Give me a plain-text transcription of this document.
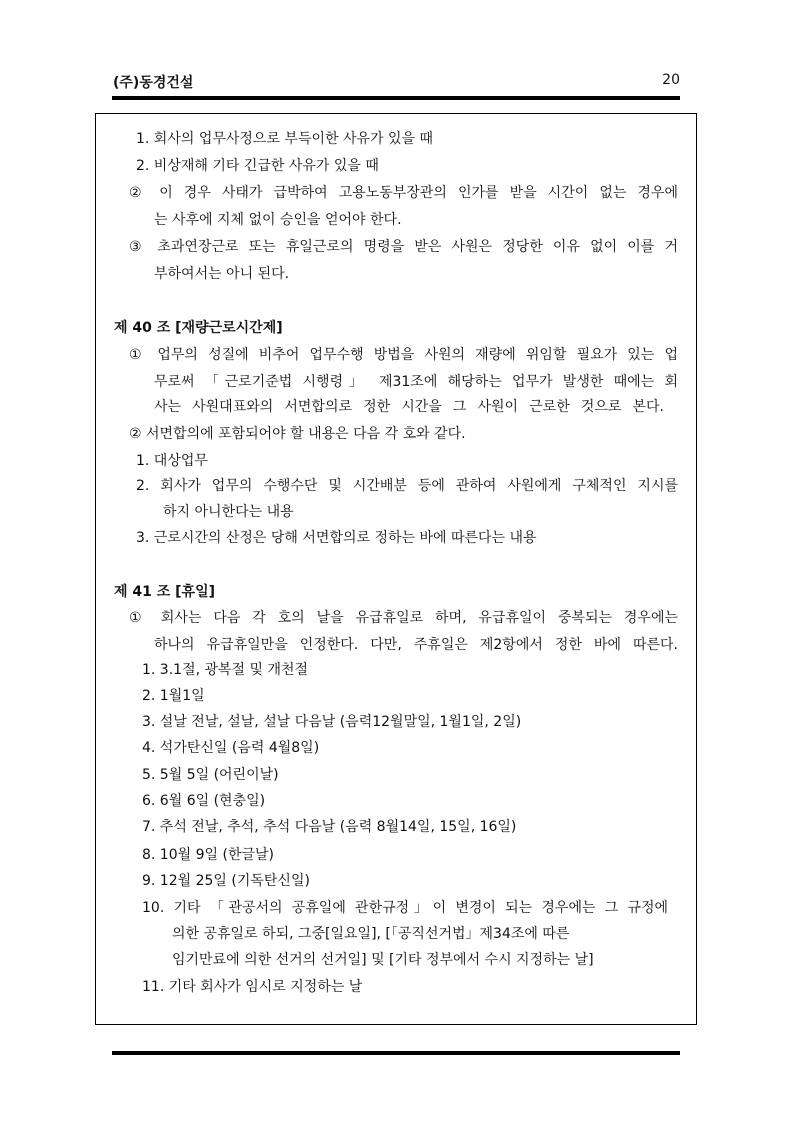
(주)동경건설	20
1. 회사의 업무사정으로 부득이한 사유가 있을 때
2. 비상재해 기타 긴급한 사유가 있을 때
② 이 경우 사태가 급박하여 고용노동부장관의 인가를 받을 시간이 없는 경우에
는 사후에 지체 없이 승인을 얻어야 한다.
③ 초과연장근로 또는 휴일근로의 명령을 받은 사원은 정당한 이유 없이 이를 거
부하여서는 아니 된다.
제 40 조 [재량근로시간제]
① 업무의 성질에 비추어 업무수행 방법을 사원의 재량에 위임할 필요가 있는 업
무로써 「근로기준법 시행령」 제31조에 해당하는 업무가 발생한 때에는 회
사는 사원대표와의 서면합의로 정한 시간을 그 사원이 근로한 것으로 본다.
② 서면합의에 포함되어야 할 내용은 다음 각 호와 같다.
1. 대상업무
2. 회사가 업무의 수행수단 및 시간배분 등에 관하여 사원에게 구체적인 지시를
하지 아니한다는 내용
3. 근로시간의 산정은 당해 서면합의로 정하는 바에 따른다는 내용
제 41 조 [휴일]
① 회사는 다음 각 호의 날을 유급휴일로 하며, 유급휴일이 중복되는 경우에는
하나의 유급휴일만을 인정한다. 다만, 주휴일은 제2항에서 정한 바에 따른다.
1. 3.1절, 광복절 및 개천절
2. 1월1일
3. 설날 전날, 설날, 설날 다음날 (음력12월말일, 1월1일, 2일)
4. 석가탄신일 (음력 4월8일)
5. 5월 5일 (어린이날)
6. 6월 6일 (현충일)
7. 추석 전날, 추석, 추석 다음날 (음력 8월14일, 15일, 16일)
8. 10월 9일 (한글날)
9. 12월 25일 (기독탄신일)
10. 기타 「관공서의 공휴일에 관한규정」이 변경이 되는 경우에는 그 규정에
의한 공휴일로 하되, 그중[일요일], [「공직선거법」제34조에 따른
임기만료에 의한 선거의 선거일] 및 [기타 정부에서 수시 지정하는 날]
11. 기타 회사가 임시로 지정하는 날
